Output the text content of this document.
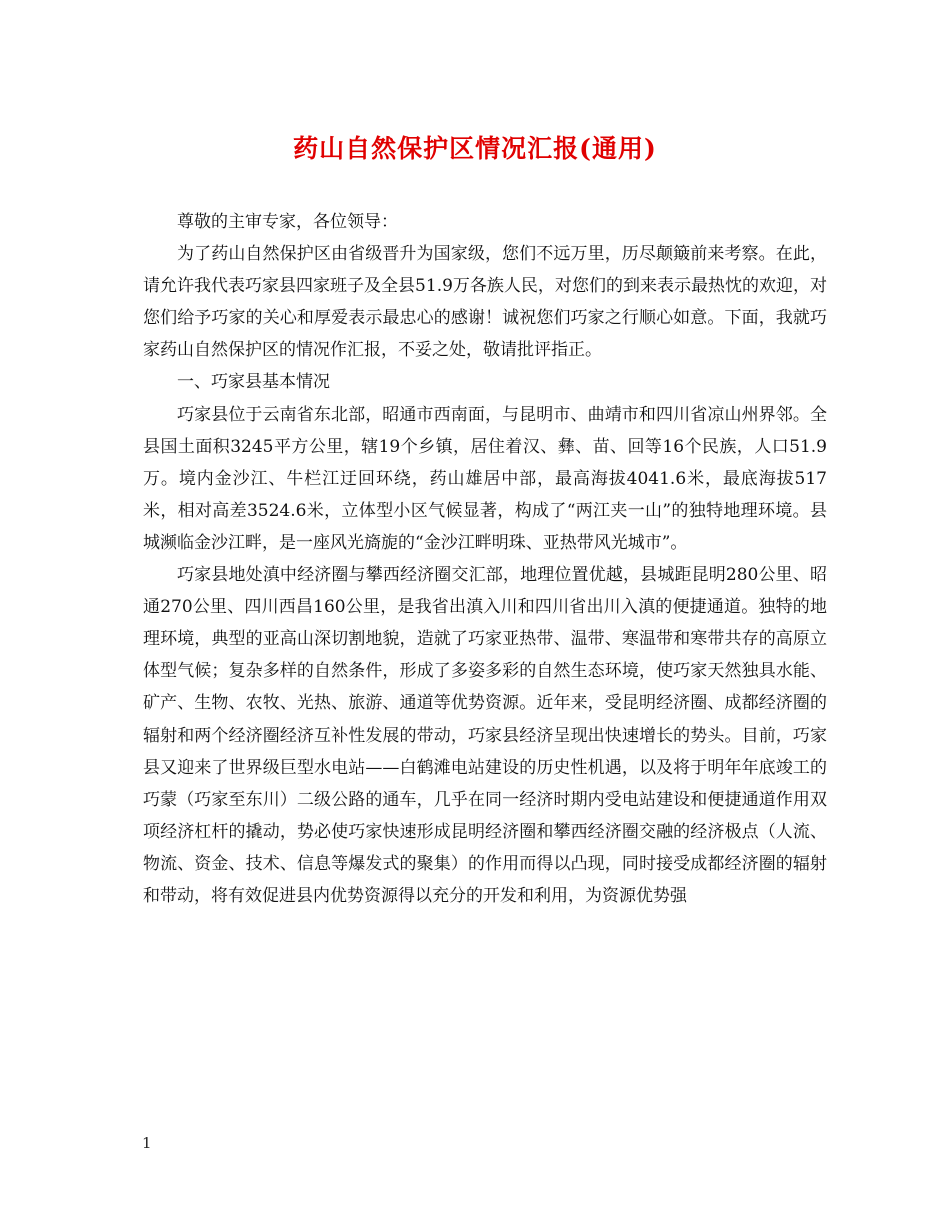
药山自然保护区情况汇报(通用)

尊敬的主审专家，各位领导：

为了药山自然保护区由省级晋升为国家级，您们不远万里，历尽颠簸前来考察。在此，请允许我代表巧家县四家班子及全县51.9万各族人民，对您们的到来表示最热忱的欢迎，对您们给予巧家的关心和厚爱表示最忠心的感谢！诚祝您们巧家之行顺心如意。下面，我就巧家药山自然保护区的情况作汇报，不妥之处，敬请批评指正。

一、巧家县基本情况

巧家县位于云南省东北部，昭通市西南面，与昆明市、曲靖市和四川省凉山州界邻。全县国土面积3245平方公里，辖19个乡镇，居住着汉、彝、苗、回等16个民族，人口51.9万。境内金沙江、牛栏江迂回环绕，药山雄居中部，最高海拔4041.6米，最底海拔517米，相对高差3524.6米，立体型小区气候显著，构成了“两江夹一山”的独特地理环境。县城濒临金沙江畔，是一座风光旖旎的“金沙江畔明珠、亚热带风光城市”。

巧家县地处滇中经济圈与攀西经济圈交汇部，地理位置优越，县城距昆明280公里、昭通270公里、四川西昌160公里，是我省出滇入川和四川省出川入滇的便捷通道。独特的地理环境，典型的亚高山深切割地貌，造就了巧家亚热带、温带、寒温带和寒带共存的高原立体型气候；复杂多样的自然条件，形成了多姿多彩的自然生态环境，使巧家天然独具水能、矿产、生物、农牧、光热、旅游、通道等优势资源。近年来，受昆明经济圈、成都经济圈的辐射和两个经济圈经济互补性发展的带动，巧家县经济呈现出快速增长的势头。目前，巧家县又迎来了世界级巨型水电站——白鹤滩电站建设的历史性机遇，以及将于明年年底竣工的巧蒙（巧家至东川）二级公路的通车，几乎在同一经济时期内受电站建设和便捷通道作用双项经济杠杆的撬动，势必使巧家快速形成昆明经济圈和攀西经济圈交融的经济极点（人流、物流、资金、技术、信息等爆发式的聚集）的作用而得以凸现，同时接受成都经济圈的辐射和带动，将有效促进县内优势资源得以充分的开发和利用，为资源优势强

1
